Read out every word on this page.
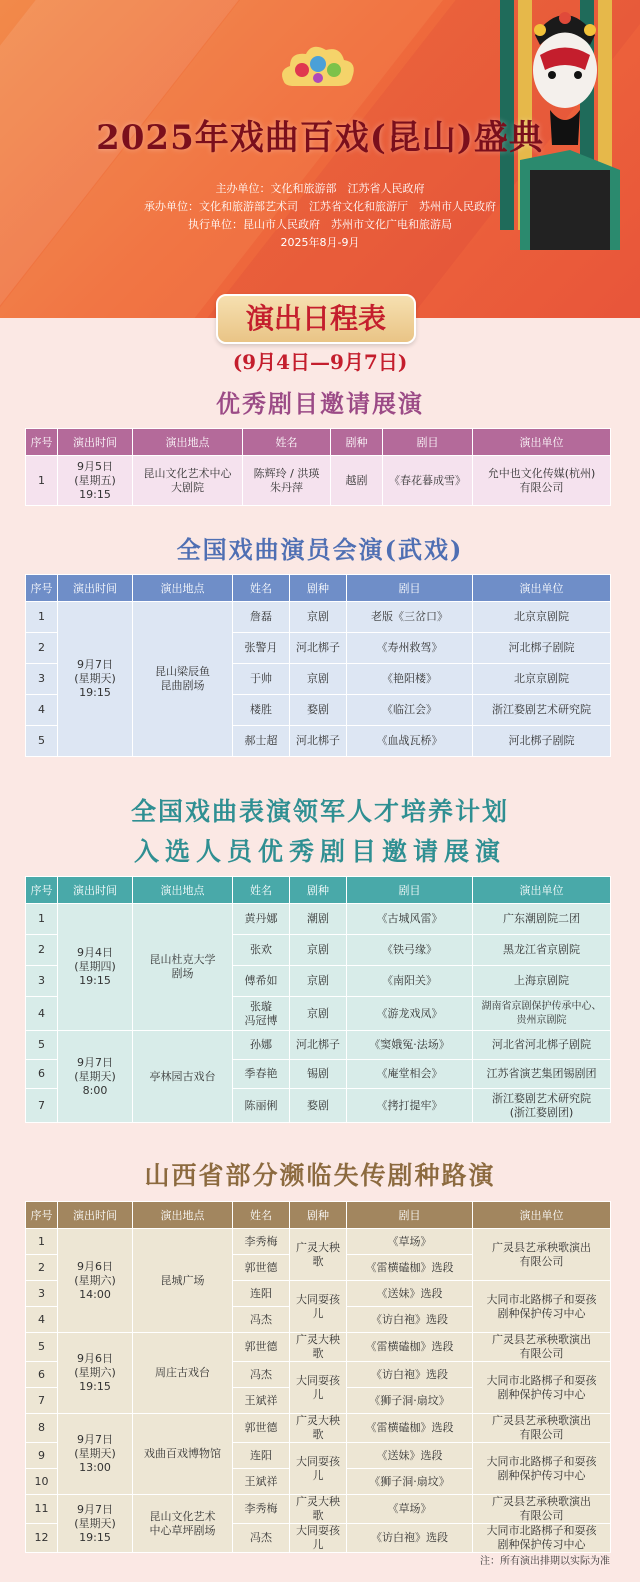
2025年戏曲百戏(昆山)盛典
主办单位：文化和旅游部　江苏省人民政府
承办单位：文化和旅游部艺术司　江苏省文化和旅游厅　苏州市人民政府
执行单位：昆山市人民政府　苏州市文化广电和旅游局
2025年8月-9月
演出日程表
(9月4日—9月7日)
优秀剧目邀请展演
序号	演出时间	演出地点	姓名	剧种	剧目	演出单位
1	9月5日
(星期五)
19:15	昆山文化艺术中心
大剧院	陈辉玲 / 洪瑛
朱丹萍	越剧	《春花暮成雪》	允中也文化传媒(杭州)
有限公司
全国戏曲演员会演(武戏)
序号	演出时间	演出地点	姓名	剧种	剧目	演出单位
1	9月7日
(星期天)
19:15	昆山梁辰鱼
昆曲剧场	詹磊	京剧	老版《三岔口》	北京京剧院
2			张警月	河北梆子	《寿州救驾》	河北梆子剧院
3			于帅	京剧	《艳阳楼》	北京京剧院
4			楼胜	婺剧	《临江会》	浙江婺剧艺术研究院
5			郝士超	河北梆子	《血战瓦桥》	河北梆子剧院
全国戏曲表演领军人才培养计划
入选人员优秀剧目邀请展演
序号	演出时间	演出地点	姓名	剧种	剧目	演出单位
1	9月4日
(星期四)
19:15	昆山杜克大学
剧场	黄丹娜	潮剧	《古城风雷》	广东潮剧院二团
2			张欢	京剧	《铁弓缘》	黑龙江省京剧院
3			傅希如	京剧	《南阳关》	上海京剧院
4			张璇
冯冠博	京剧	《游龙戏凤》	湖南省京剧保护传承中心、
贵州京剧院
5	9月7日
(星期天)
8:00	亭林园古戏台	孙娜	河北梆子	《窦娥冤·法场》	河北省河北梆子剧院
6			季春艳	锡剧	《庵堂相会》	江苏省演艺集团锡剧团
7			陈丽俐	婺剧	《拷打提牢》	浙江婺剧艺术研究院
(浙江婺剧团)
山西省部分濒临失传剧种路演
序号	演出时间	演出地点	姓名	剧种	剧目	演出单位
1	9月6日
(星期六)
14:00	昆城广场	李秀梅	广灵大秧歌	《草场》	广灵县艺承秧歌演出
有限公司
2			郭世德		《雷横磕枷》选段	
3			连阳	大同耍孩儿	《送妹》选段	大同市北路梆子和耍孩
剧种保护传习中心
4			冯杰		《访白袍》选段	
5	9月6日
(星期六)
19:15	周庄古戏台	郭世德	广灵大秧歌	《雷横磕枷》选段	广灵县艺承秧歌演出
有限公司
6			冯杰	大同耍孩儿	《访白袍》选段	大同市北路梆子和耍孩
剧种保护传习中心
7			王斌祥		《狮子洞·扇坟》	
8	9月7日
(星期天)
13:00	戏曲百戏博物馆	郭世德	广灵大秧歌	《雷横磕枷》选段	广灵县艺承秧歌演出
有限公司
9			连阳	大同耍孩儿	《送妹》选段	大同市北路梆子和耍孩
剧种保护传习中心
10			王斌祥		《狮子洞·扇坟》	
11	9月7日
(星期天)
19:15	昆山文化艺术
中心草坪剧场	李秀梅	广灵大秧歌	《草场》	广灵县艺承秧歌演出
有限公司
12			冯杰	大同耍孩儿	《访白袍》选段	大同市北路梆子和耍孩
剧种保护传习中心
注：所有演出排期以实际为准
